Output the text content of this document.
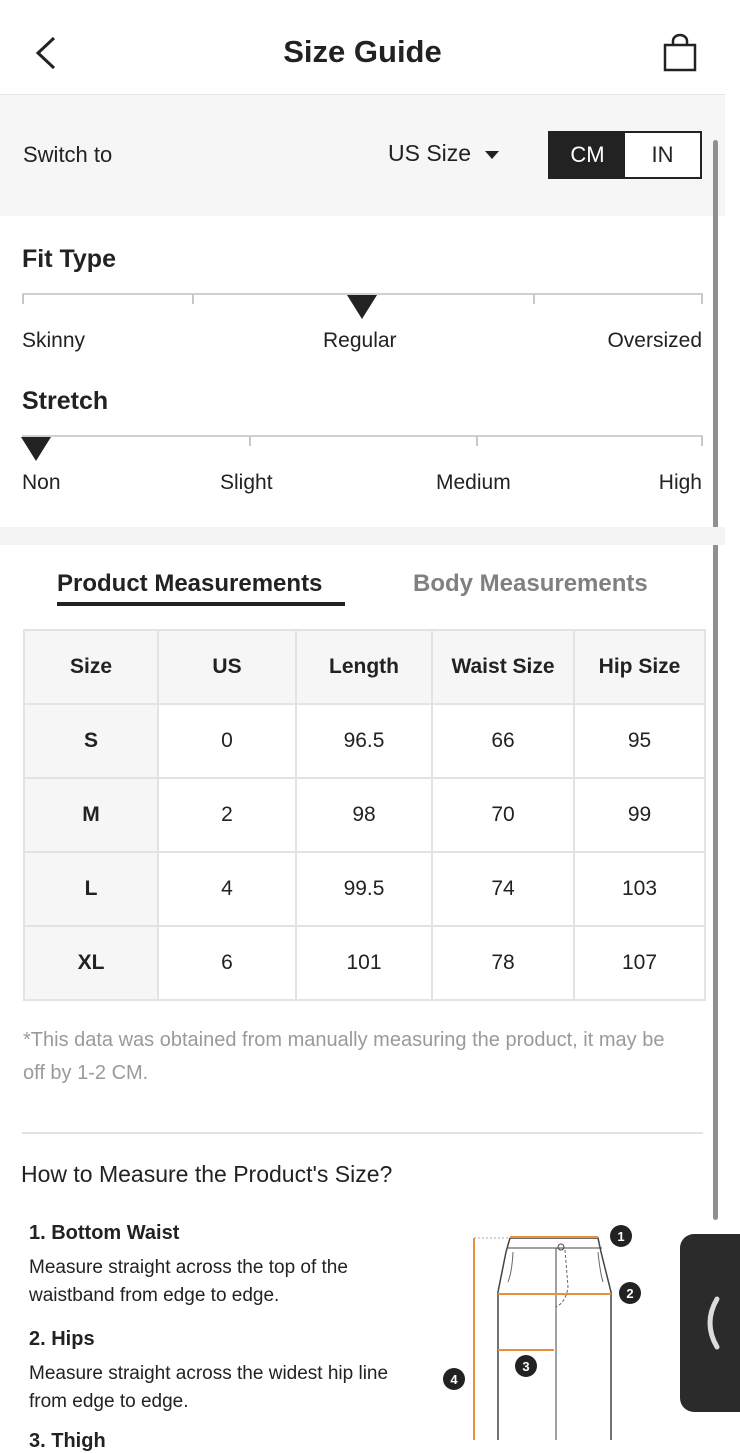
Size Guide
Switch to	US Size	CM	IN
Fit Type
Skinny	Regular	Oversized
Stretch
Non	Slight	Medium	High
Product Measurements	Body Measurements
Size	US	Length	Waist Size	Hip Size
S	0	96.5	66	95
M	2	98	70	99
L	4	99.5	74	103
XL	6	101	78	107
*This data was obtained from manually measuring the product, it may be off by 1-2 CM.
How to Measure the Product's Size?
1. Bottom Waist
Measure straight across the top of the waistband from edge to edge.
2. Hips
Measure straight across the widest hip line from edge to edge.
3. Thigh
1
2
3
4
